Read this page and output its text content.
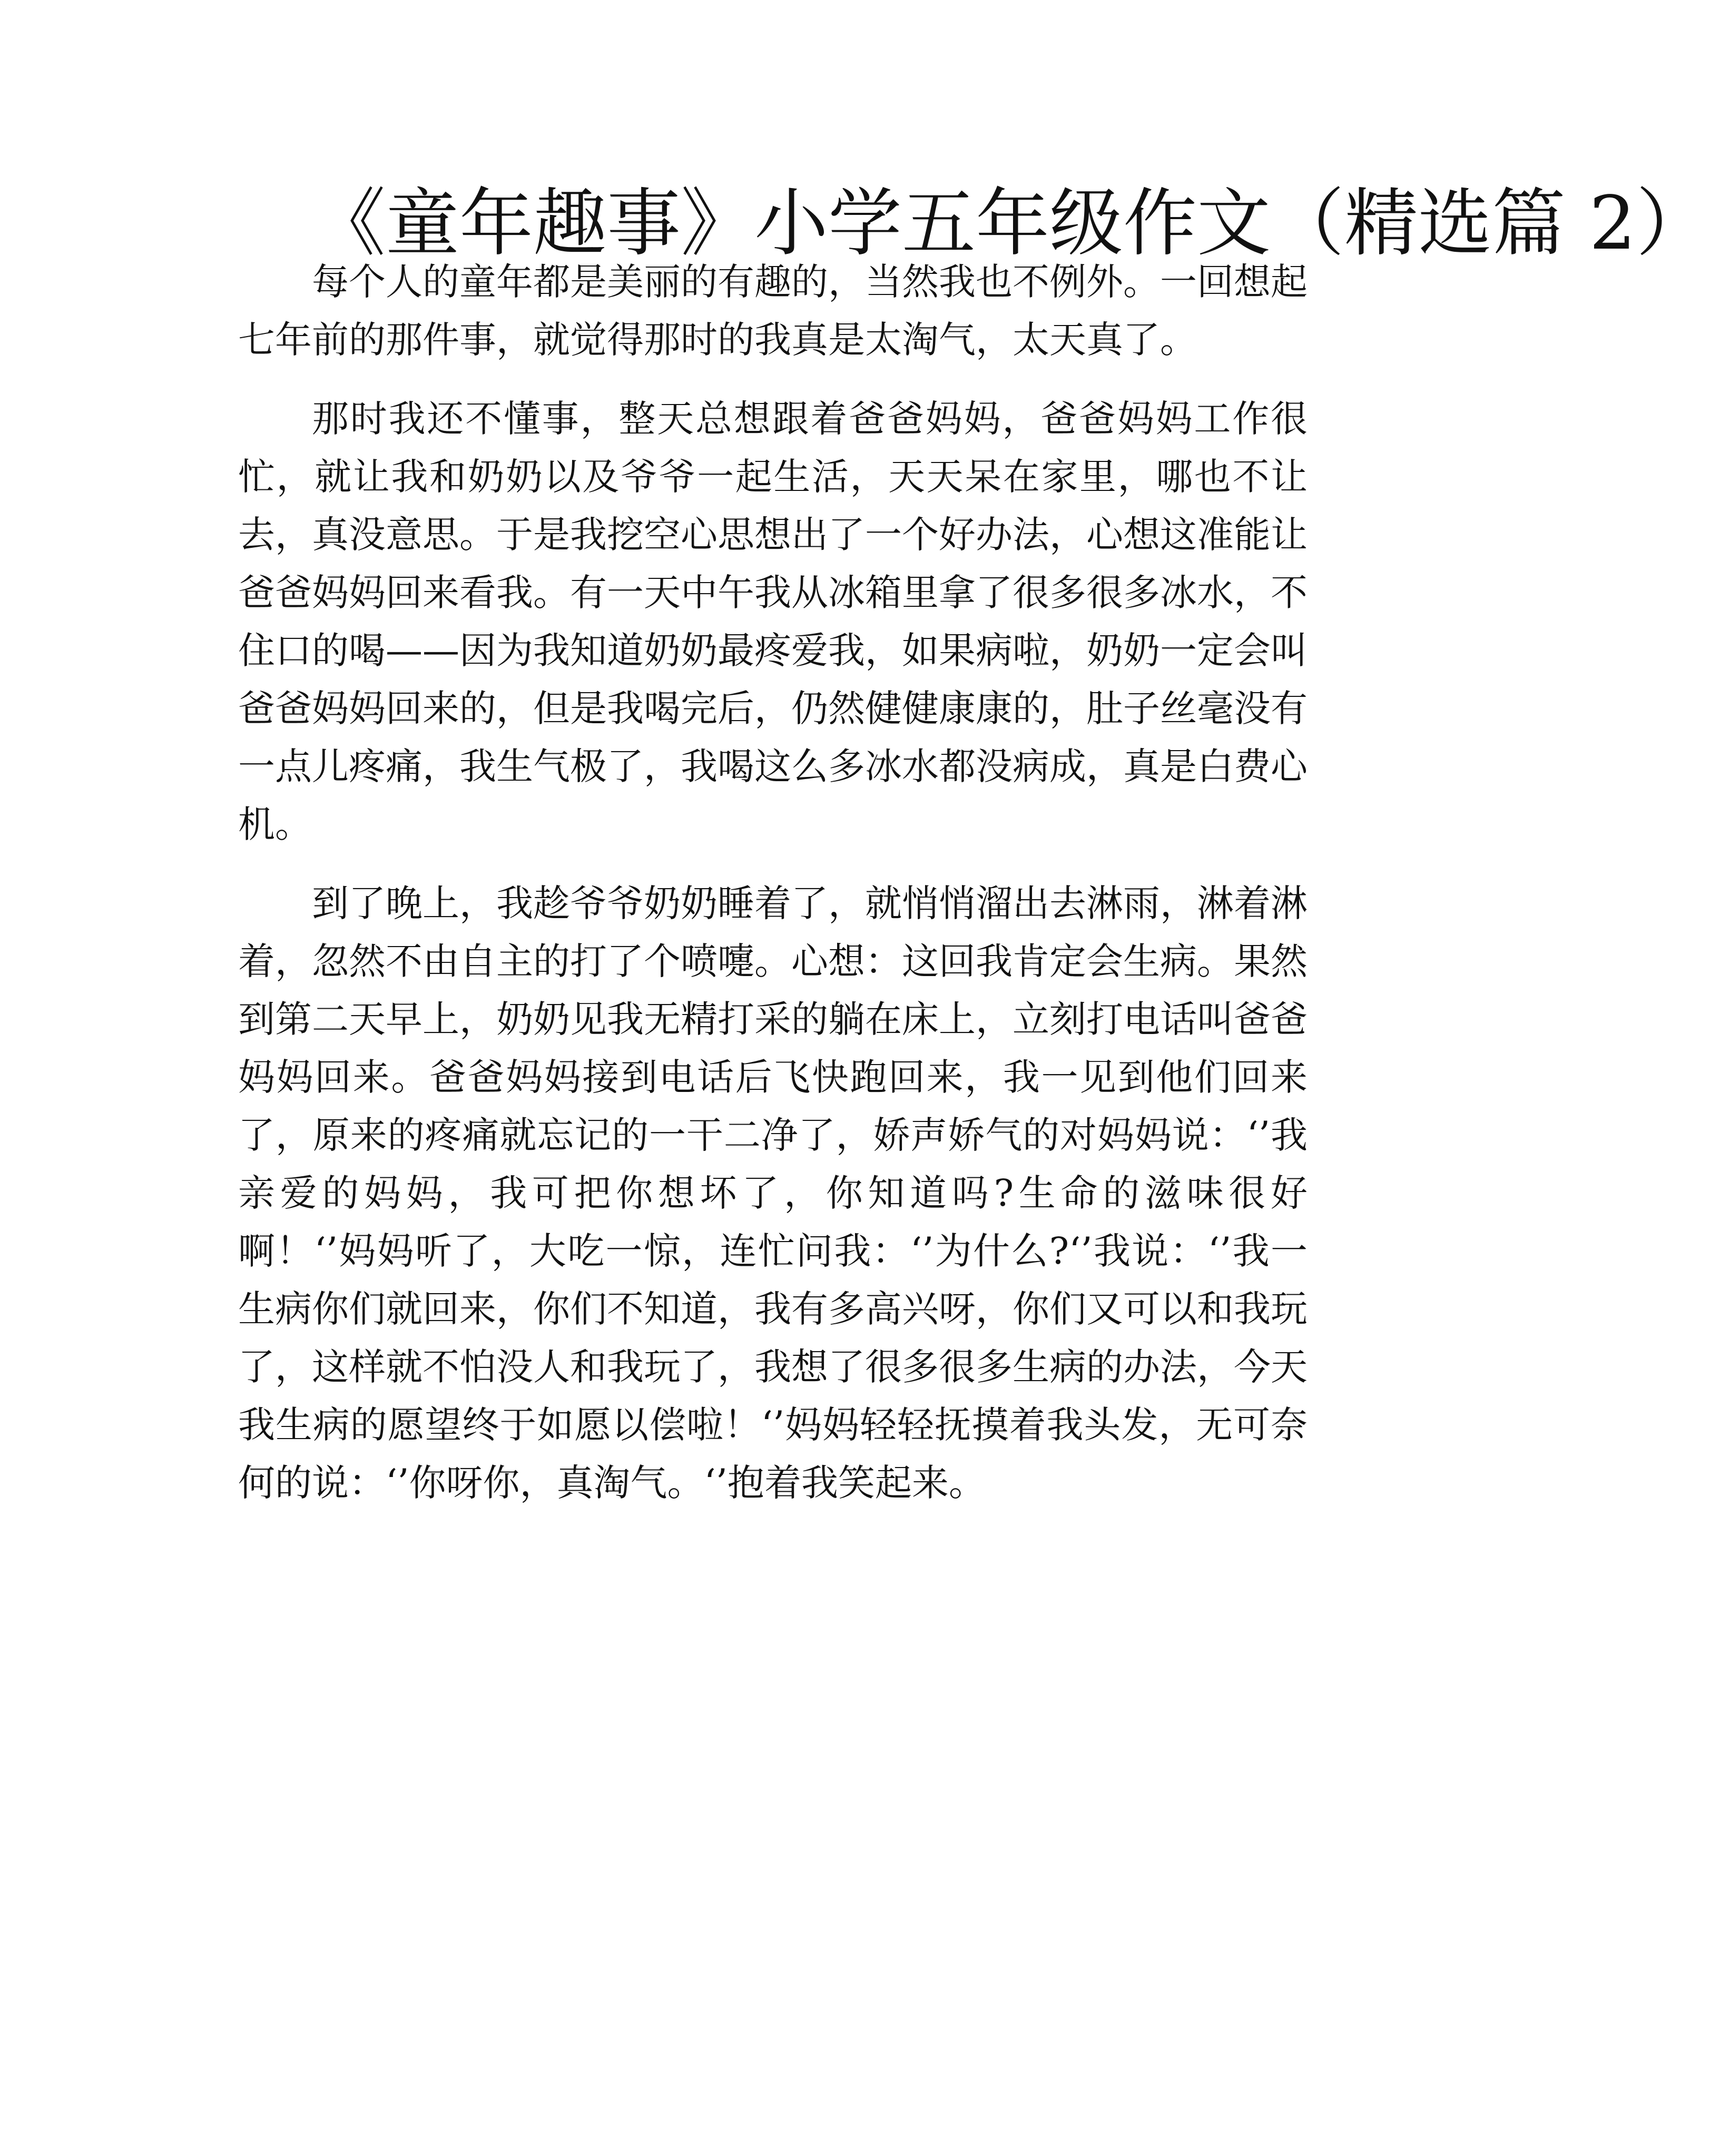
《童年趣事》小学五年级作文（精选篇 2）

每个人的童年都是美丽的有趣的，当然我也不例外。一回想起七年前的那件事，就觉得那时的我真是太淘气，太天真了。

那时我还不懂事，整天总想跟着爸爸妈妈，爸爸妈妈工作很忙，就让我和奶奶以及爷爷一起生活，天天呆在家里，哪也不让去，真没意思。于是我挖空心思想出了一个好办法，心想这准能让爸爸妈妈回来看我。有一天中午我从冰箱里拿了很多很多冰水，不住口的喝——因为我知道奶奶最疼爱我，如果病啦，奶奶一定会叫爸爸妈妈回来的，但是我喝完后，仍然健健康康的，肚子丝毫没有一点儿疼痛，我生气极了，我喝这么多冰水都没病成，真是白费心机。

到了晚上，我趁爷爷奶奶睡着了，就悄悄溜出去淋雨，淋着淋着，忽然不由自主的打了个喷嚏。心想：这回我肯定会生病。果然到第二天早上，奶奶见我无精打采的躺在床上，立刻打电话叫爸爸妈妈回来。爸爸妈妈接到电话后飞快跑回来，我一见到他们回来了，原来的疼痛就忘记的一干二净了，娇声娇气的对妈妈说：‘’我亲爱的妈妈，我可把你想坏了，你知道吗?生命的滋味很好啊！‘’妈妈听了，大吃一惊，连忙问我：‘’为什么?‘’我说：‘’我一生病你们就回来，你们不知道，我有多高兴呀，你们又可以和我玩了，这样就不怕没人和我玩了，我想了很多很多生病的办法，今天我生病的愿望终于如愿以偿啦！‘’妈妈轻轻抚摸着我头发，无可奈何的说：‘’你呀你，真淘气。‘’抱着我笑起来。
